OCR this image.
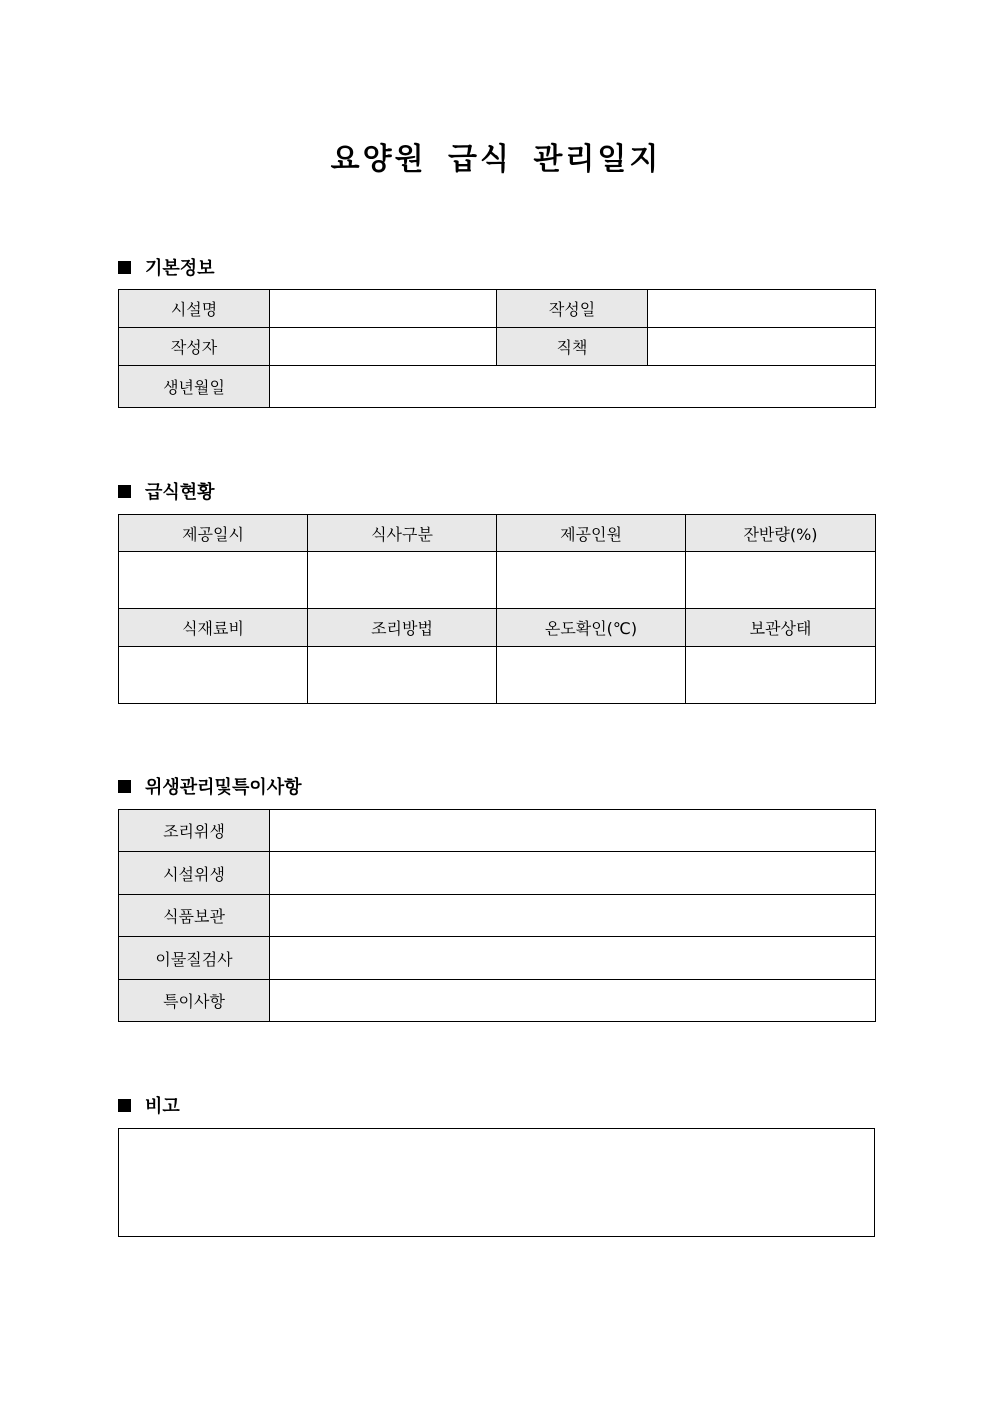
요양원 급식 관리일지
기본정보
시설명		작성일	
작성자		직책	
생년월일			
급식현황
제공일시	식사구분	제공인원	잔반량(%)

식재료비	조리방법	온도확인(℃)	보관상태

위생관리및특이사항
조리위생	
시설위생	
식품보관	
이물질검사	
특이사항	
비고
